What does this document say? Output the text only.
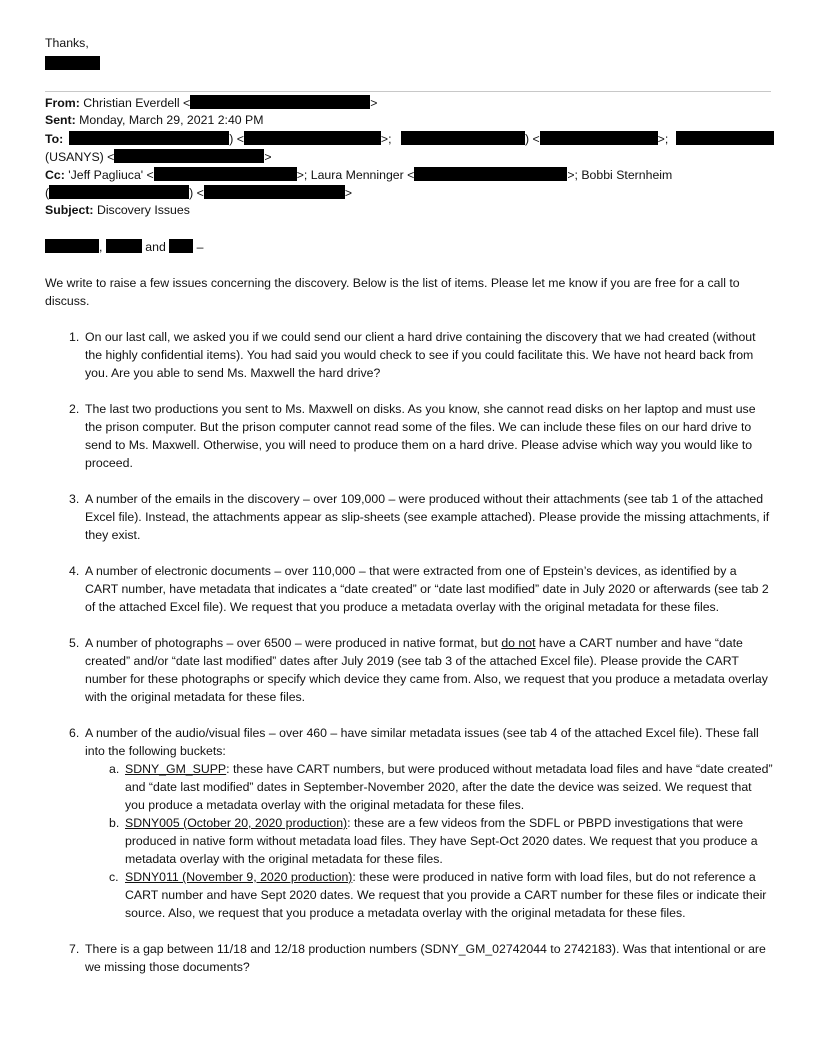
Thanks,
From: Christian Everdell <	>
Sent: Monday, March 29, 2021 2:40 PM
To:	) <	>;	) <	>;
(USANYS) <	>
Cc: 'Jeff Pagliuca' <	>; Laura Menninger <	>; Bobbi Sternheim
(	) <	>
Subject: Discovery Issues
,	and	–

We write to raise a few issues concerning the discovery. Below is the list of items. Please let me know if you are free for a call to discuss.

1. On our last call, we asked you if we could send our client a hard drive containing the discovery that we had created (without the highly confidential items). You had said you would check to see if you could facilitate this. We have not heard back from you. Are you able to send Ms. Maxwell the hard drive?
2. The last two productions you sent to Ms. Maxwell on disks. As you know, she cannot read disks on her laptop and must use the prison computer. But the prison computer cannot read some of the files. We can include these files on our hard drive to send to Ms. Maxwell. Otherwise, you will need to produce them on a hard drive. Please advise which way you would like to proceed.
3. A number of the emails in the discovery – over 109,000 – were produced without their attachments (see tab 1 of the attached Excel file). Instead, the attachments appear as slip-sheets (see example attached). Please provide the missing attachments, if they exist.
4. A number of electronic documents – over 110,000 – that were extracted from one of Epstein’s devices, as identified by a CART number, have metadata that indicates a “date created” or “date last modified” date in July 2020 or afterwards (see tab 2 of the attached Excel file). We request that you produce a metadata overlay with the original metadata for these files.
5. A number of photographs – over 6500 – were produced in native format, but do not have a CART number and have “date created” and/or “date last modified” dates after July 2019 (see tab 3 of the attached Excel file). Please provide the CART number for these photographs or specify which device they came from. Also, we request that you produce a metadata overlay with the original metadata for these files.
6. A number of the audio/visual files – over 460 – have similar metadata issues (see tab 4 of the attached Excel file). These fall into the following buckets:
a. SDNY_GM_SUPP: these have CART numbers, but were produced without metadata load files and have “date created” and “date last modified” dates in September-November 2020, after the date the device was seized. We request that you produce a metadata overlay with the original metadata for these files.
b. SDNY005 (October 20, 2020 production): these are a few videos from the SDFL or PBPD investigations that were produced in native form without metadata load files. They have Sept-Oct 2020 dates. We request that you produce a metadata overlay with the original metadata for these files.
c. SDNY011 (November 9, 2020 production): these were produced in native form with load files, but do not reference a CART number and have Sept 2020 dates. We request that you provide a CART number for these files or indicate their source. Also, we request that you produce a metadata overlay with the original metadata for these files.
7. There is a gap between 11/18 and 12/18 production numbers (SDNY_GM_02742044 to 2742183). Was that intentional or are we missing those documents?
